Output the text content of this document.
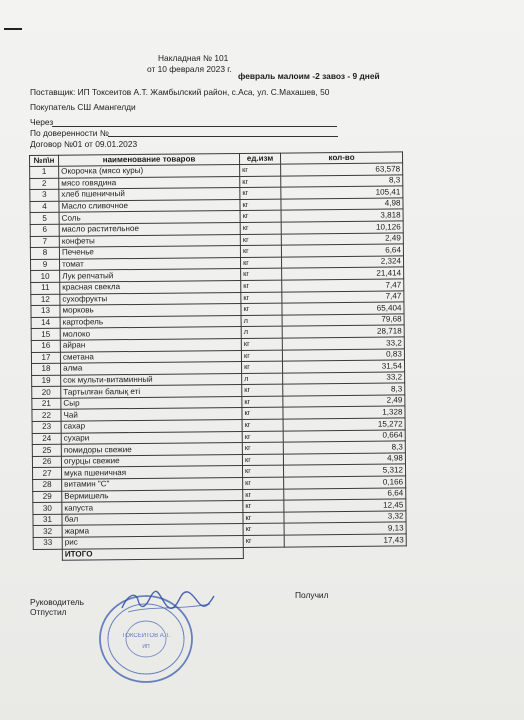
Накладная № 101
от 10 февраля 2023 г.
февраль малоим -2 завоз - 9 дней
Поставщик: ИП Токсеитов А.Т. Жамбылский район, с.Аса, ул. С.Махашев, 50
Покупатель СШ Амангелди
Через
По доверенности №
Договор №01 от 09.01.2023
№п\н	наименование товаров	ед.изм	кол-во
1	Окорочка (мясо куры)	кг	63,578
2	мясо говядина	кг	8,3
3	хлеб пшеничный	кг	105,41
4	Масло сливочное	кг	4,98
5	Соль	кг	3,818
6	масло растительное	кг	10,126
7	конфеты	кг	2,49
8	Печенье	кг	6,64
9	томат	кг	2,324
10	Лук репчатый	кг	21,414
11	красная свекла	кг	7,47
12	сухофрукты	кг	7,47
13	морковь	кг	65,404
14	картофель	л	79,68
15	молоко	л	28,718
16	айран	кг	33,2
17	сметана	кг	0,83
18	алма	кг	31,54
19	сок мульти-витаминный	л	33,2
20	Тартылған балық еті	кг	8,3
21	Сыр	кг	2,49
22	Чай	кг	1,328
23	сахар	кг	15,272
24	сухари	кг	0,664
25	помидоры свежие	кг	8,3
26	огурцы свежие	кг	4,98
27	мука пшеничная	кг	5,312
28	витамин "С"	кг	0,166
29	Вермишель	кг	6,64
30	капуста	кг	12,45
31	бал	кг	3,32
32	жарма	кг	9,13
33	рис	кг	17,43
	ИТОГО		
Руководитель
Отпустил
Получил
ТОКСЕИТОВ А.Т.
ИП
